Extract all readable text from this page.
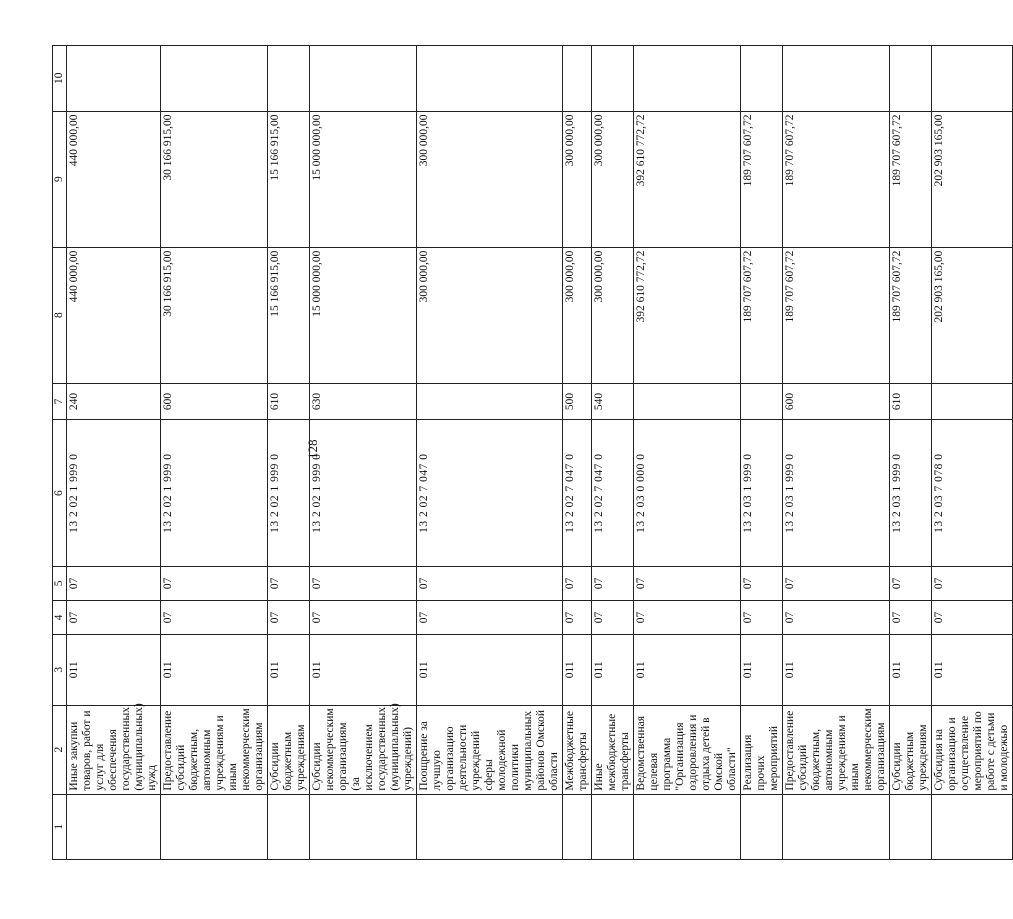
128
1	2	3	4	5	6	7	8	9	10
	Иные закупки товаров, работ и услуг для обеспечения государственных (муниципальных) нужд	011	07	07	13 2 02 1 999 0	240	440 000,00	440 000,00	
	Предоставление субсидий бюджетным, автономным учреждениям и иным некоммерческим организациям	011	07	07	13 2 02 1 999 0	600	30 166 915,00	30 166 915,00	
	Субсидии бюджетным учреждениям	011	07	07	13 2 02 1 999 0	610	15 166 915,00	15 166 915,00	
	Субсидии некоммерческим организациям (за исключением государственных (муниципальных) учреждений)	011	07	07	13 2 02 1 999 0	630	15 000 000,00	15 000 000,00	
	Поощрение за лучшую организацию деятельности учреждений сферы молодежной политики муниципальных районов Омской области	011	07	07	13 2 02 7 047 0		300 000,00	300 000,00	
	Межбюджетные трансферты	011	07	07	13 2 02 7 047 0	500	300 000,00	300 000,00	
	Иные межбюджетные трансферты	011	07	07	13 2 02 7 047 0	540	300 000,00	300 000,00	
	Ведомственная целевая программа "Организация оздоровления и отдыха детей в Омской области"	011	07	07	13 2 03 0 000 0		392 610 772,72	392 610 772,72	
	Реализация прочих мероприятий	011	07	07	13 2 03 1 999 0		189 707 607,72	189 707 607,72	
	Предоставление субсидий бюджетным, автономным учреждениям и иным некоммерческим организациям	011	07	07	13 2 03 1 999 0	600	189 707 607,72	189 707 607,72	
	Субсидии бюджетным учреждениям	011	07	07	13 2 03 1 999 0	610	189 707 607,72	189 707 607,72	
	Субсидия на организацию и осуществление мероприятий по работе с детьми и молодежью	011	07	07	13 2 03 7 078 0		202 903 165,00	202 903 165,00	
